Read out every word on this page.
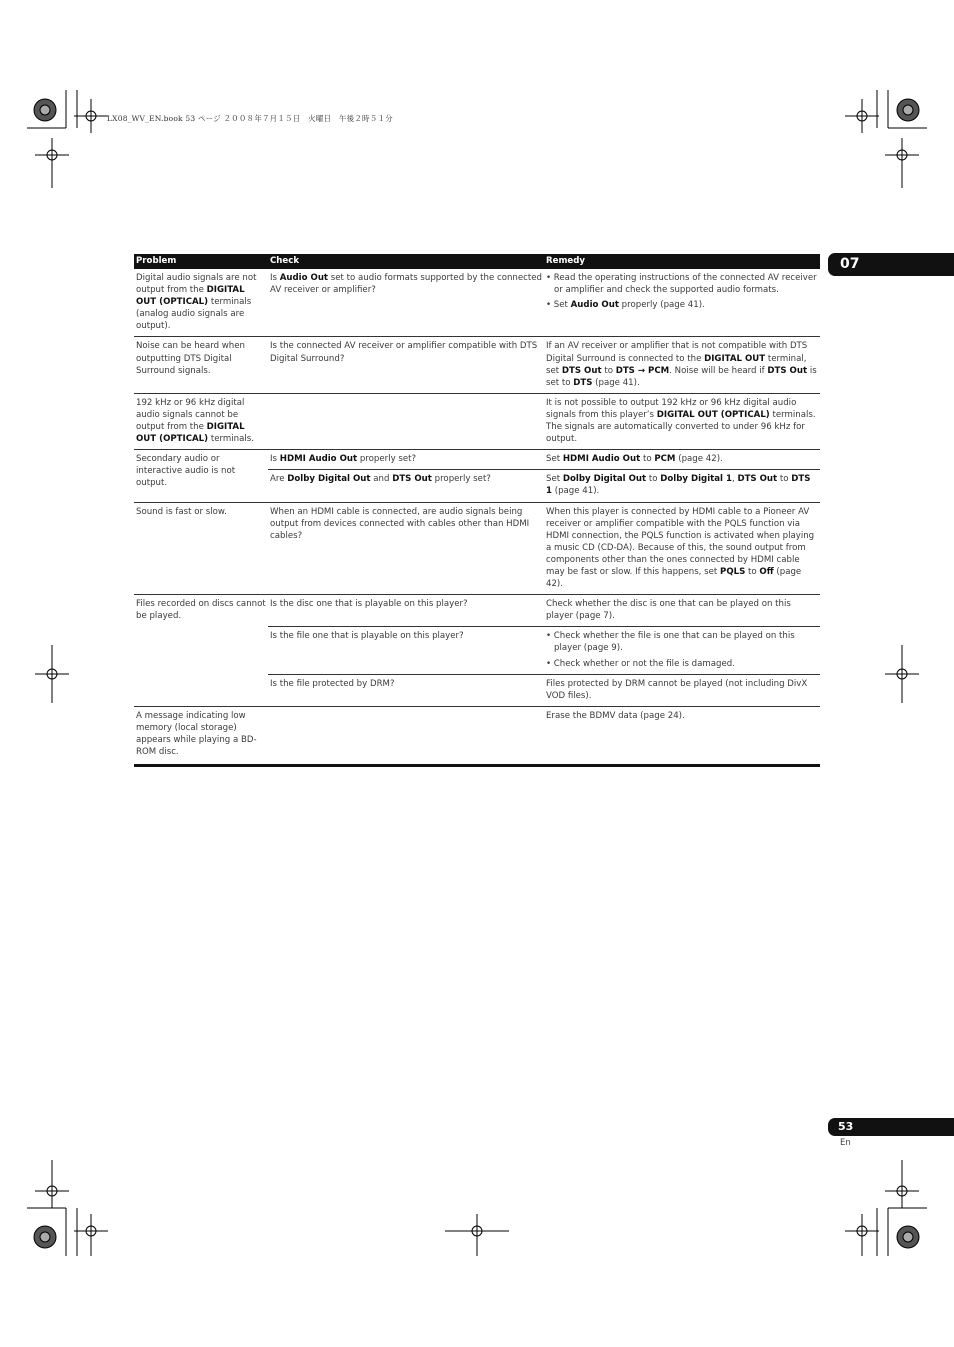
LX08_WV_EN.book 53 ページ ２００８年７月１５日　火曜日　午後２時５１分
07
Problem	Check	Remedy
Digital audio signals are not output from the DIGITAL OUT (OPTICAL) terminals (analog audio signals are output).	Is Audio Out set to audio formats supported by the connected AV receiver or amplifier?	• Read the operating instructions of the connected AV receiver or amplifier and check the supported audio formats.
• Set Audio Out properly (page 41).

Noise can be heard when outputting DTS Digital Surround signals.	Is the connected AV receiver or amplifier compatible with DTS Digital Surround?	If an AV receiver or amplifier that is not compatible with DTS Digital Surround is connected to the DIGITAL OUT terminal, set DTS Out to DTS → PCM. Noise will be heard if DTS Out is set to DTS (page 41).
192 kHz or 96 kHz digital audio signals cannot be output from the DIGITAL OUT (OPTICAL) terminals.		It is not possible to output 192 kHz or 96 kHz digital audio signals from this player’s DIGITAL OUT (OPTICAL) terminals. The signals are automatically converted to under 96 kHz for output.
Secondary audio or interactive audio is not output.	Is HDMI Audio Out properly set?	Set HDMI Audio Out to PCM (page 42).
	Are Dolby Digital Out and DTS Out properly set?	Set Dolby Digital Out to Dolby Digital 1, DTS Out to DTS 1 (page 41).
Sound is fast or slow.	When an HDMI cable is connected, are audio signals being output from devices connected with cables other than HDMI cables?	When this player is connected by HDMI cable to a Pioneer AV receiver or amplifier compatible with the PQLS function via HDMI connection, the PQLS function is activated when playing a music CD (CD-DA). Because of this, the sound output from components other than the ones connected by HDMI cable may be fast or slow. If this happens, set PQLS to Off (page 42).
Files recorded on discs cannot be played.	Is the disc one that is playable on this player?	Check whether the disc is one that can be played on this player (page 7).
	Is the file one that is playable on this player?	• Check whether the file is one that can be played on this player (page 9).
• Check whether or not the file is damaged.

	Is the file protected by DRM?	Files protected by DRM cannot be played (not including DivX VOD files).
A message indicating low memory (local storage) appears while playing a BD-ROM disc.		Erase the BDMV data (page 24).
53
En
